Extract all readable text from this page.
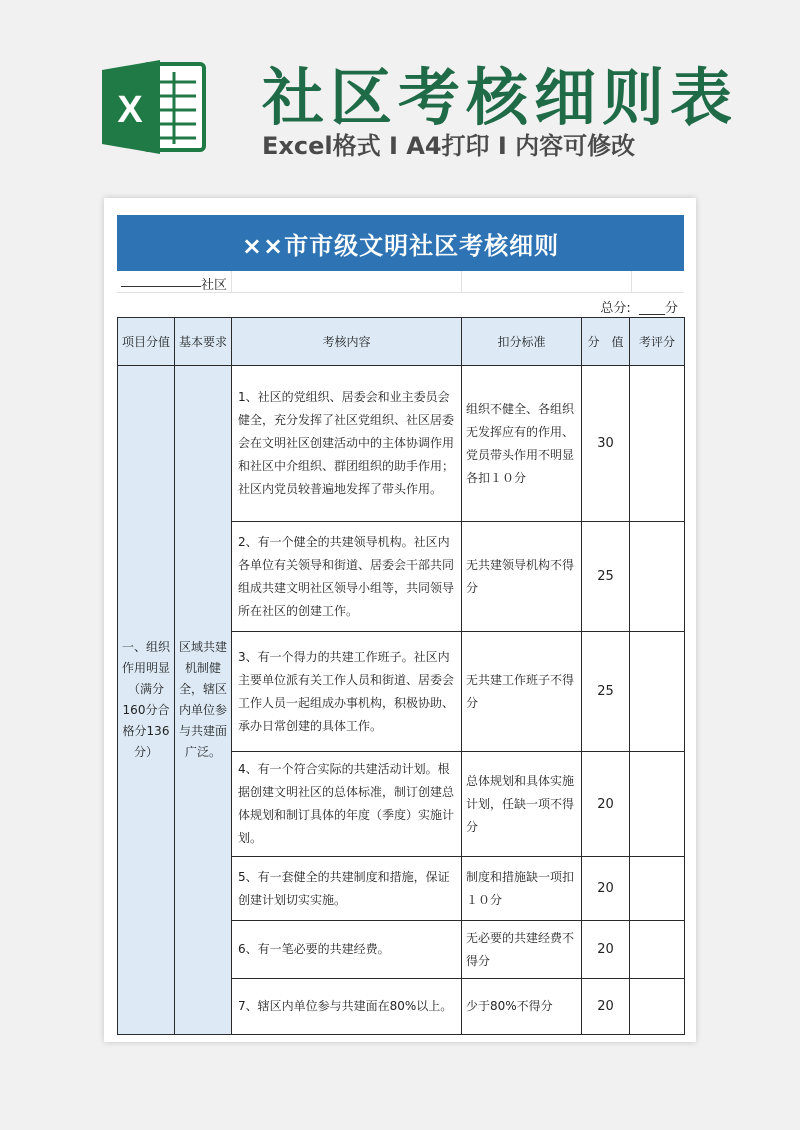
X 社区考核细则表
Excel格式 I A4打印 I 内容可修改
××市市级文明社区考核细则
社区
总分:  ____分
项目分值	基本要求	考核内容	扣分标准	分　值	考评分
一、组织作用明显（满分160分合格分136分）	区域共建机制健全，辖区内单位参与共建面广泛。	1、社区的党组织、居委会和业主委员会健全，充分发挥了社区党组织、社区居委会在文明社区创建活动中的主体协调作用和社区中介组织、群团组织的助手作用；社区内党员较普遍地发挥了带头作用。	组织不健全、各组织无发挥应有的作用、党员带头作用不明显各扣１０分	30	
		2、有一个健全的共建领导机构。社区内各单位有关领导和街道、居委会干部共同组成共建文明社区领导小组等，共同领导所在社区的创建工作。	无共建领导机构不得分	25	
		3、有一个得力的共建工作班子。社区内主要单位派有关工作人员和街道、居委会工作人员一起组成办事机构，积极协助、承办日常创建的具体工作。	无共建工作班子不得分	25	
		4、有一个符合实际的共建活动计划。根据创建文明社区的总体标准，制订创建总体规划和制订具体的年度（季度）实施计划。	总体规划和具体实施计划，任缺一项不得分	20	
		5、有一套健全的共建制度和措施，保证创建计划切实实施。	制度和措施缺一项扣１０分	20	
		6、有一笔必要的共建经费。	无必要的共建经费不得分	20	
		7、辖区内单位参与共建面在80%以上。	少于80%不得分	20	
